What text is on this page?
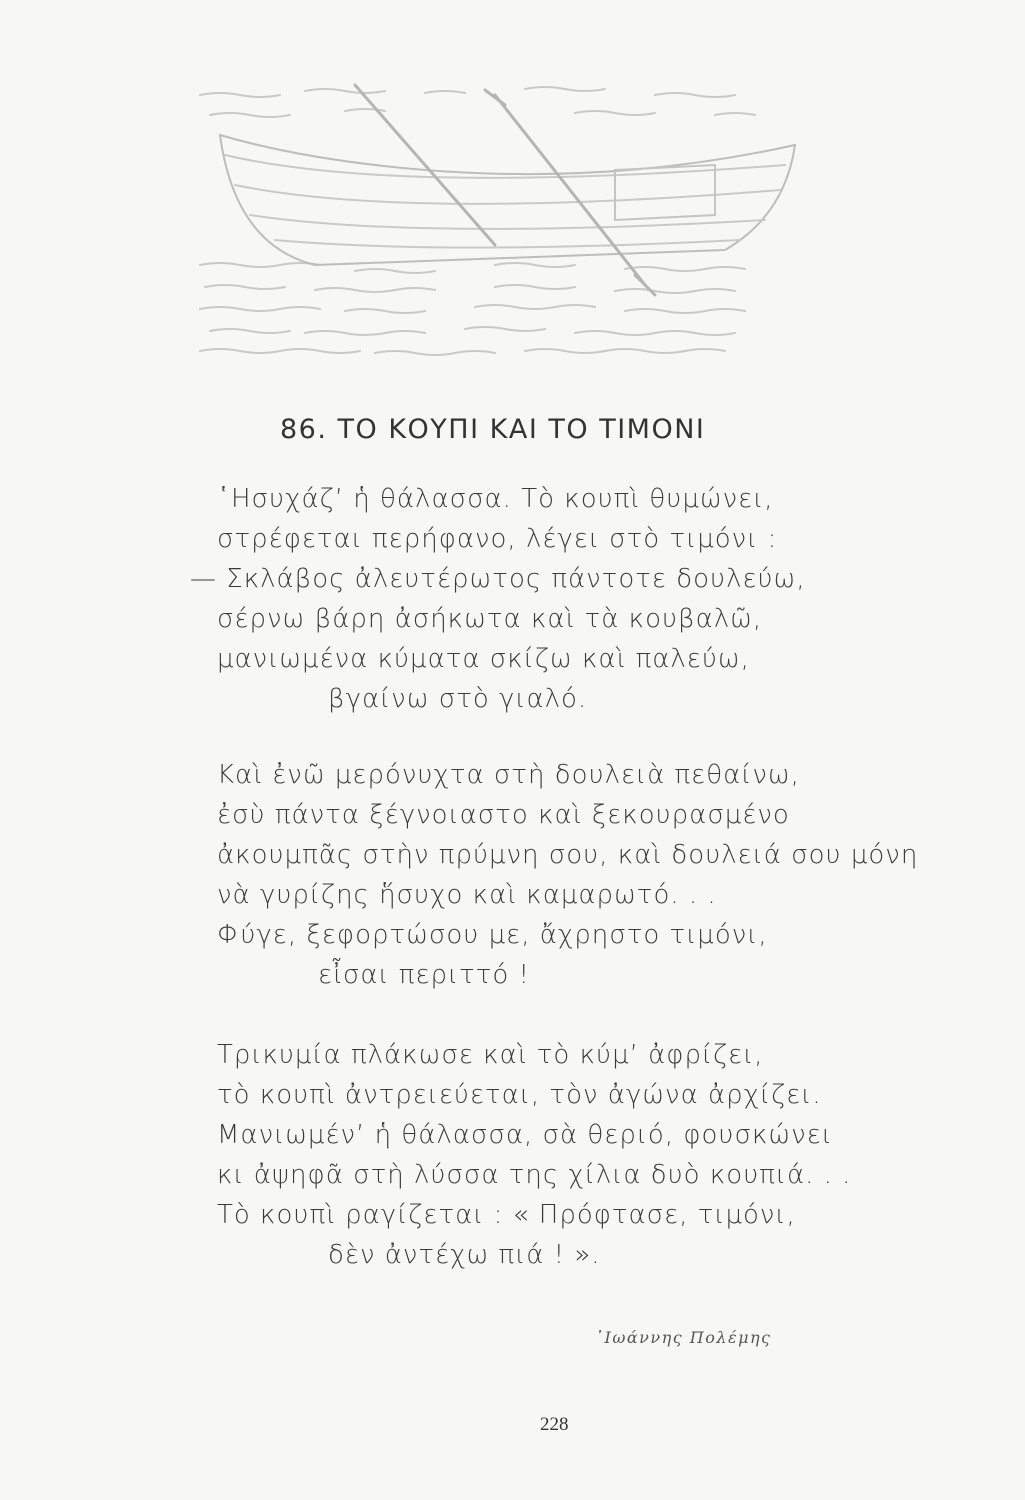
86. ΤΟ ΚΟΥΠΙ ΚΑΙ ΤΟ ΤΙΜΟΝΙ
῾Ησυχάζ’ ἡ θάλασσα. Τὸ κουπὶ θυμώνει,
στρέφεται περήφανο, λέγει στὸ τιμόνι :
— Σκλάβος ἀλευτέρωτος πάντοτε δουλεύω,
σέρνω βάρη ἀσήκωτα καὶ τὰ κουβαλῶ,
μανιωμένα κύματα σκίζω καὶ παλεύω,
βγαίνω στὸ γιαλό.
Καὶ ἐνῶ μερόνυχτα στὴ δουλειὰ πεθαίνω,
ἐσὺ πάντα ξέγνοιαστο καὶ ξεκουρασμένο
ἀκουμπᾶς στὴν πρύμνη σου, καὶ δουλειά σου μόνη
νὰ γυρίζης ἥσυχο καὶ καμαρωτό. . .
Φύγε, ξεφορτώσου με, ἄχρηστο τιμόνι,
εἶσαι περιττό !
Τρικυμία πλάκωσε καὶ τὸ κύμ’ ἀφρίζει,
τὸ κουπὶ ἀντρειεύεται, τὸν ἀγώνα ἀρχίζει.
Μανιωμέν’ ἡ θάλασσα, σὰ θεριό, φουσκώνει
κι ἀψηφᾶ στὴ λύσσα της χίλια δυὸ κουπιά. . .
Τὸ κουπὶ ραγίζεται : « Πρόφτασε, τιμόνι,
δὲν ἀντέχω πιά ! ».
᾿Ιωάννης Πολέμης
228
